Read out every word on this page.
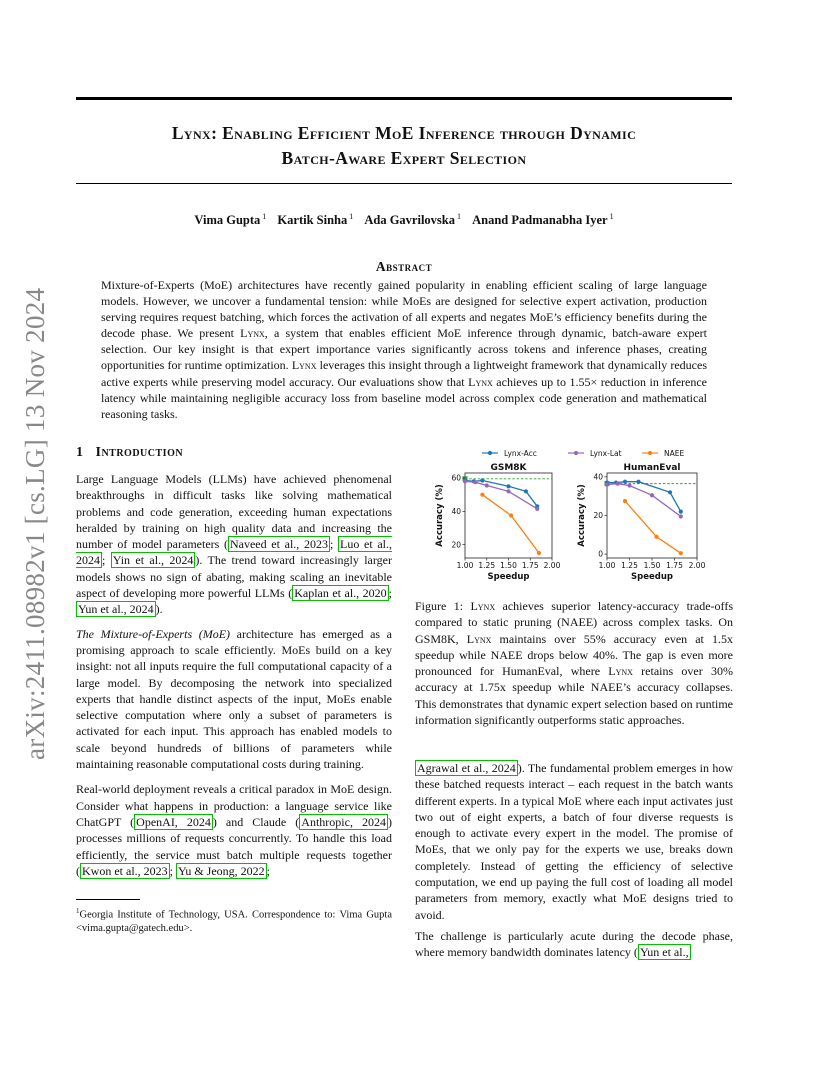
arXiv:2411.08982v1 [cs.LG] 13 Nov 2024
Lynx: Enabling Efficient MoE Inference through Dynamic
Batch-Aware Expert Selection
Vima Gupta $^1$ Kartik Sinha $^1$ Ada Gavrilovska $^1$ Anand Padmanabha Iyer $^1$
Abstract

Mixture-of-Experts (MoE) architectures have recently gained popularity in enabling efficient scaling of large language models. However, we uncover a fundamental tension: while MoEs are designed for selective expert activation, production serving requires request batching, which forces the activation of all experts and negates MoE’s efficiency benefits during the decode phase. We present Lynx, a system that enables efficient MoE inference through dynamic, batch-aware expert selection. Our key insight is that expert importance varies significantly across tokens and inference phases, creating opportunities for runtime optimization. Lynx leverages this insight through a lightweight framework that dynamically reduces active experts while preserving model accuracy. Our evaluations show that Lynx achieves up to 1.55× reduction in inference latency while maintaining negligible accuracy loss from baseline model across complex code generation and mathematical reasoning tasks.

1 Introduction

Large Language Models (LLMs) have achieved phenomenal breakthroughs in difficult tasks like solving mathematical problems and code generation, exceeding human expectations heralded by training on high quality data and increasing the number of model parameters ( Naveed et al., 2023 ; Luo et al., 2024 ; Yin et al., 2024 ). The trend toward increasingly larger models shows no sign of abating, making scaling an inevitable aspect of developing more powerful LLMs ( Kaplan et al., 2020 ; Yun et al., 2024 ).

The Mixture-of-Experts (MoE) architecture has emerged as a promising approach to scale efficiently. MoEs build on a key insight: not all inputs require the full computational capacity of a large model. By decomposing the network into specialized experts that handle distinct aspects of the input, MoEs enable selective computation where only a subset of parameters is activated for each input. This approach has enabled models to scale beyond hundreds of billions of parameters while maintaining reasonable computational costs during training.

Real-world deployment reveals a critical paradox in MoE design. Consider what happens in production: a language service like ChatGPT ( OpenAI, 2024 ) and Claude ( Anthropic, 2024 ) processes millions of requests concurrently. To handle this load efficiently, the service must batch multiple requests together ( Kwon et al., 2023 ; Yu & Jeong, 2022 ;

$^1$Georgia Institute of Technology, USA. Correspondence to: Vima Gupta <vima.gupta@gatech.edu>.

Lynx-Acc	Lynx-Lat	NAEE
GSM8K
1.00 1.25 1.50 1.75 2.00
20
40
60
Speedup
Accuracy (%)
HumanEval
1.00 1.25 1.50 1.75 2.00
0
20
40
Speedup
Accuracy (%)

Figure 1: Lynx achieves superior latency-accuracy trade-offs compared to static pruning (NAEE) across complex tasks. On GSM8K, Lynx maintains over 55% accuracy even at 1.5x speedup while NAEE drops below 40%. The gap is even more pronounced for HumanEval, where Lynx retains over 30% accuracy at 1.75x speedup while NAEE’s accuracy collapses. This demonstrates that dynamic expert selection based on runtime information significantly outperforms static approaches.

Agrawal et al., 2024 ). The fundamental problem emerges in how these batched requests interact – each request in the batch wants different experts. In a typical MoE where each input activates just two out of eight experts, a batch of four diverse requests is enough to activate every expert in the model. The promise of MoEs, that we only pay for the experts we use, breaks down completely. Instead of getting the efficiency of selective computation, we end up paying the full cost of loading all model parameters from memory, exactly what MoE designs tried to avoid.
The challenge is particularly acute during the decode phase, where memory bandwidth dominates latency ( Yun et al.,
